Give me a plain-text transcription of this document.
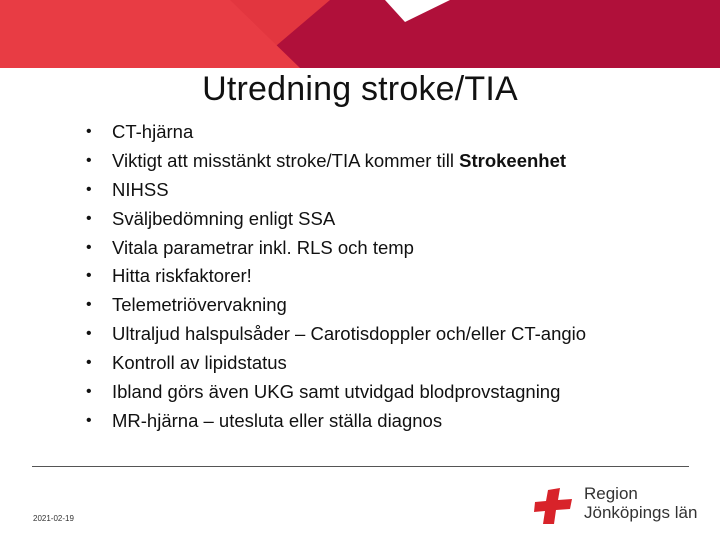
Utredning stroke/TIA
• CT-hjärna
• Viktigt att misstänkt stroke/TIA kommer till Strokeenhet
• NIHSS
• Sväljbedömning enligt SSA
• Vitala parametrar inkl. RLS och temp
• Hitta riskfaktorer!
• Telemetriövervakning
• Ultraljud halspulsåder – Carotisdoppler och/eller CT-angio
• Kontroll av lipidstatus
• Ibland görs även UKG samt utvidgad blodprovstagning
• MR-hjärna – utesluta eller ställa diagnos
2021-02-19
Region
Jönköpings län
